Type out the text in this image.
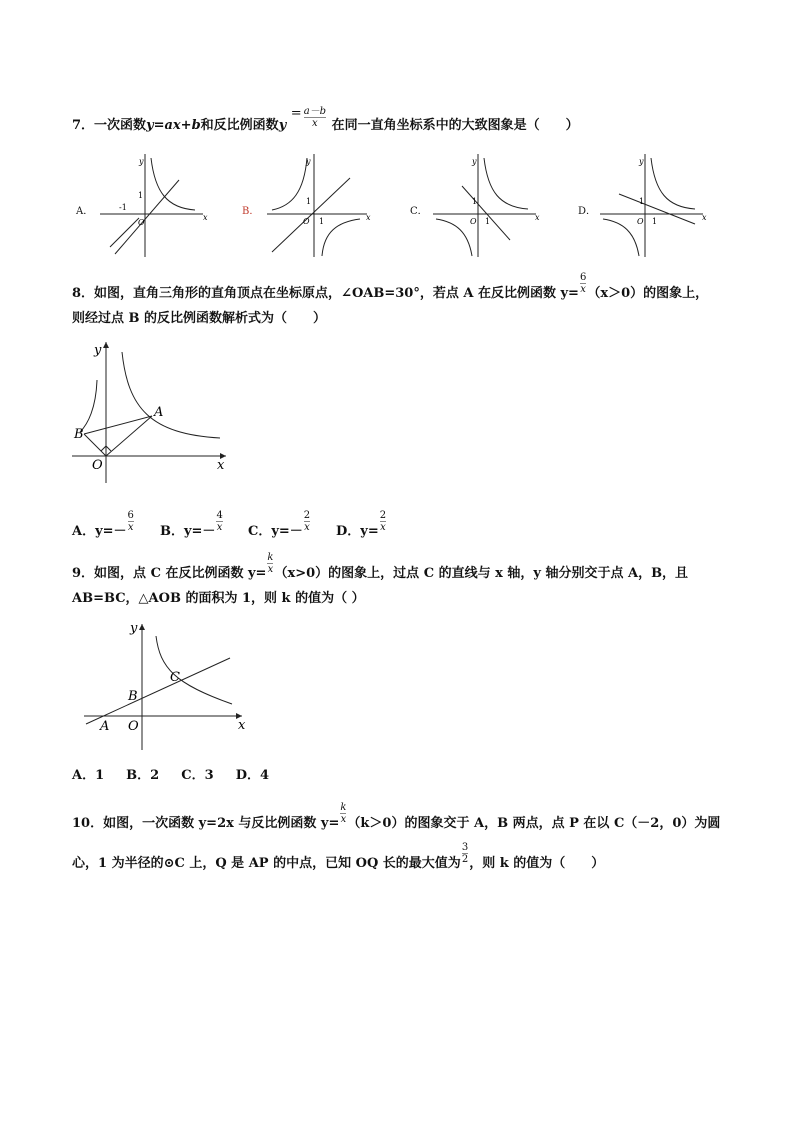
7．一次函数y=ax+b和反比例函数$y = \frac{a-b}{x}$ 在同一直角坐标系中的大致图象是（　　）
A．	B．	C．	D．
y
x
O
1
-1
y
x
O
1
1
y
x
O
1
1
y
x
O
1
1
8．如图，直角三角形的直角顶点在坐标原点，∠OAB=30°，若点 A 在反比例函数 $y= \frac{6}{x} (x>0)$的图象上，
则经过点 B 的反比例函数解析式为（　　）
y
x
O
A
B
A．$y=- \frac{6}{x}$ B．$y=- \frac{4}{x}$ C．$y=- \frac{2}{x}$ D．$y= \frac{2}{x}$
9．如图，点 C 在反比例函数 $y= \frac{k}{x} (x>0)$的图象上，过点 C 的直线与 x 轴，y 轴分别交于点 A，B，且
AB=BC，△AOB 的面积为 1，则 k 的值为（ ）
y
x
O
A
B
C
A．1　  B．2　  C．3　  D．4
10．如图，一次函数 y=2x 与反比例函数 $y= \frac{k}{x} (k>0)$的图象交于 A，B 两点，点 P 在以 C（－2，0）为圆
心，1 为半径的⊙C 上，Q 是 AP 的中点，已知 OQ 长的最大值为 $\frac{3}{2}$ ，则 k 的值为（　　）
